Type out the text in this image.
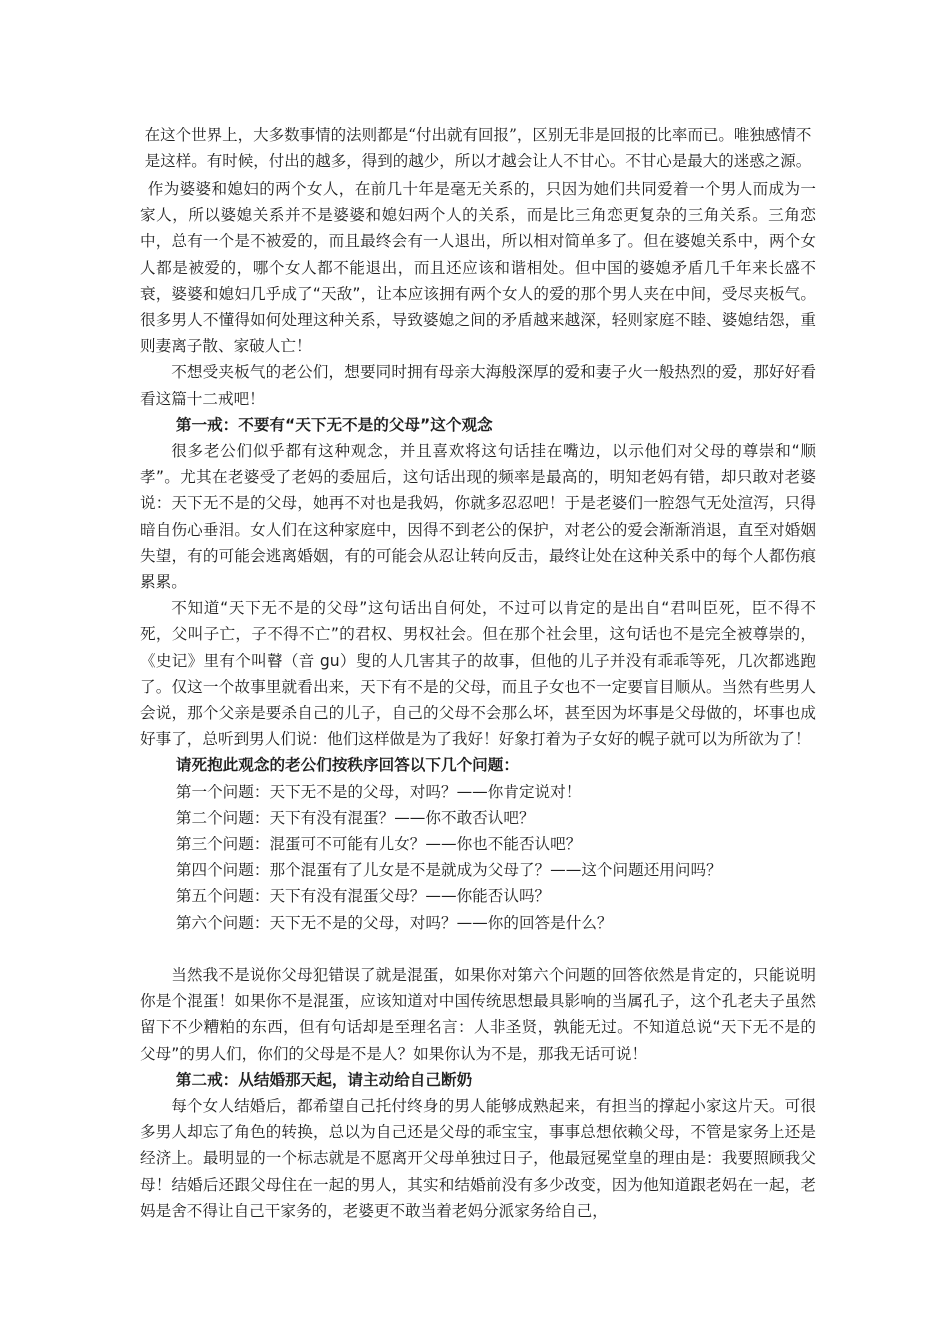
在这个世界上，大多数事情的法则都是“付出就有回报”，区别无非是回报的比率而已。唯独感情不是这样。有时候，付出的越多，得到的越少，所以才越会让人不甘心。不甘心是最大的迷惑之源。

作为婆婆和媳妇的两个女人，在前几十年是毫无关系的，只因为她们共同爱着一个男人而成为一家人，所以婆媳关系并不是婆婆和媳妇两个人的关系，而是比三角恋更复杂的三角关系。三角恋中，总有一个是不被爱的，而且最终会有一人退出，所以相对简单多了。但在婆媳关系中，两个女人都是被爱的，哪个女人都不能退出，而且还应该和谐相处。但中国的婆媳矛盾几千年来长盛不衰，婆婆和媳妇几乎成了“天敌”，让本应该拥有两个女人的爱的那个男人夹在中间，受尽夹板气。很多男人不懂得如何处理这种关系，导致婆媳之间的矛盾越来越深，轻则家庭不睦、婆媳结怨，重则妻离子散、家破人亡！

不想受夹板气的老公们，想要同时拥有母亲大海般深厚的爱和妻子火一般热烈的爱，那好好看看这篇十二戒吧！

第一戒：不要有“天下无不是的父母”这个观念

很多老公们似乎都有这种观念，并且喜欢将这句话挂在嘴边，以示他们对父母的尊崇和“顺孝”。尤其在老婆受了老妈的委屈后，这句话出现的频率是最高的，明知老妈有错，却只敢对老婆说：天下无不是的父母，她再不对也是我妈，你就多忍忍吧！于是老婆们一腔怨气无处渲泻，只得暗自伤心垂泪。女人们在这种家庭中，因得不到老公的保护，对老公的爱会渐渐消退，直至对婚姻失望，有的可能会逃离婚姻，有的可能会从忍让转向反击，最终让处在这种关系中的每个人都伤痕累累。

不知道“天下无不是的父母”这句话出自何处，不过可以肯定的是出自“君叫臣死，臣不得不死，父叫子亡，子不得不亡”的君权、男权社会。但在那个社会里，这句话也不是完全被尊崇的，《史记》里有个叫瞽（音 gu）叟的人几害其子的故事，但他的儿子并没有乖乖等死，几次都逃跑了。仅这一个故事里就看出来，天下有不是的父母，而且子女也不一定要盲目顺从。当然有些男人会说，那个父亲是要杀自己的儿子，自己的父母不会那么坏，甚至因为坏事是父母做的，坏事也成好事了，总听到男人们说：他们这样做是为了我好！好象打着为子女好的幌子就可以为所欲为了！

请死抱此观念的老公们按秩序回答以下几个问题：

第一个问题：天下无不是的父母，对吗？——你肯定说对！

第二个问题：天下有没有混蛋？——你不敢否认吧？

第三个问题：混蛋可不可能有儿女？——你也不能否认吧？

第四个问题：那个混蛋有了儿女是不是就成为父母了？——这个问题还用问吗？

第五个问题：天下有没有混蛋父母？——你能否认吗？

第六个问题：天下无不是的父母，对吗？——你的回答是什么？

当然我不是说你父母犯错误了就是混蛋，如果你对第六个问题的回答依然是肯定的，只能说明你是个混蛋！如果你不是混蛋，应该知道对中国传统思想最具影响的当属孔子，这个孔老夫子虽然留下不少糟粕的东西，但有句话却是至理名言：人非圣贤，孰能无过。不知道总说“天下无不是的父母”的男人们，你们的父母是不是人？如果你认为不是，那我无话可说！

第二戒：从结婚那天起，请主动给自己断奶

每个女人结婚后，都希望自己托付终身的男人能够成熟起来，有担当的撑起小家这片天。可很多男人却忘了角色的转换，总以为自己还是父母的乖宝宝，事事总想依赖父母，不管是家务上还是经济上。最明显的一个标志就是不愿离开父母单独过日子，他最冠冕堂皇的理由是：我要照顾我父母！结婚后还跟父母住在一起的男人，其实和结婚前没有多少改变，因为他知道跟老妈在一起，老妈是舍不得让自己干家务的，老婆更不敢当着老妈分派家务给自己，
